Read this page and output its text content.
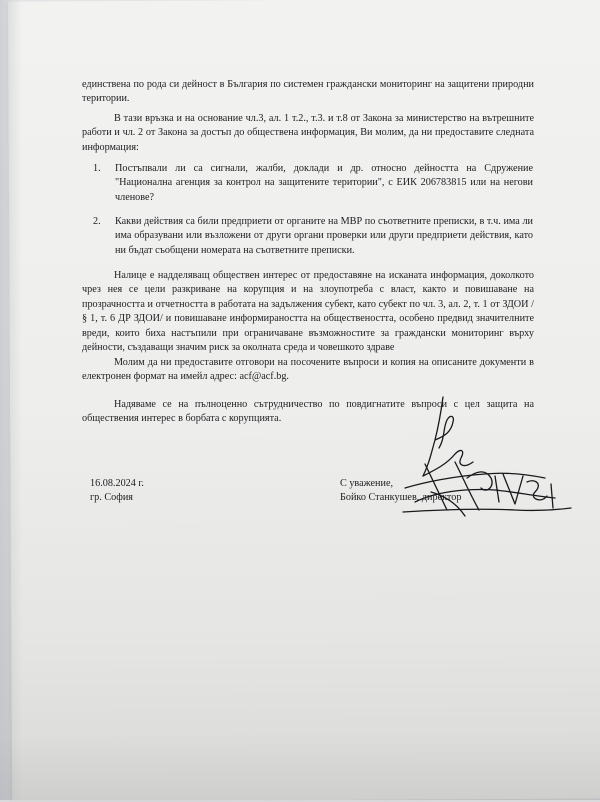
единствена по рода си дейност в България по системен граждански мониторинг на защитени природни територии.

В тази връзка и на основание чл.3, ал. 1 т.2., т.3. и т.8 от Закона за министерство на вътрешните работи и чл. 2 от Закона за достъп до обществена информация, Ви молим, да ни предоставите следната информация:

1. Постъпвали ли са сигнали, жалби, доклади и др. относно дейността на Сдружение "Национална агенция за контрол на защитените територии", с ЕИК 206783815 или на негови членове?
2. Какви действия са били предприети от органите на МВР по съответните преписки, в т.ч. има ли има образувани или възложени от други органи проверки или други предприети действия, като ни бъдат съобщени номерата на съответните преписки.

Налице е надделяващ обществен интерес от предоставяне на исканата информация, доколкото чрез нея се цели разкриване на корупция и на злоупотреба с власт, както и повишаване на прозрачността и отчетността в работата на задължения субект, като субект по чл. 3, ал. 2, т. 1 от ЗДОИ /§ 1, т. 6 ДР ЗДОИ/ и повишаване информираността на обществеността, особено предвид значителните вреди, които биха настъпили при ограничаване възможностите за граждански мониторинг върху дейности, създаващи значим риск за околната среда и човешкото здраве

Молим да ни предоставите отговори на посочените въпроси и копия на описаните документи в електронен формат на имейл адрес: acf@acf.bg.

Надяваме се на пълноценно сътрудничество по повдигнатите въпроси с цел защита на обществения интерес в борбата с корупцията.

16.08.2024 г.
гр. София
С уважение,
Бойко Станкушев, директор
